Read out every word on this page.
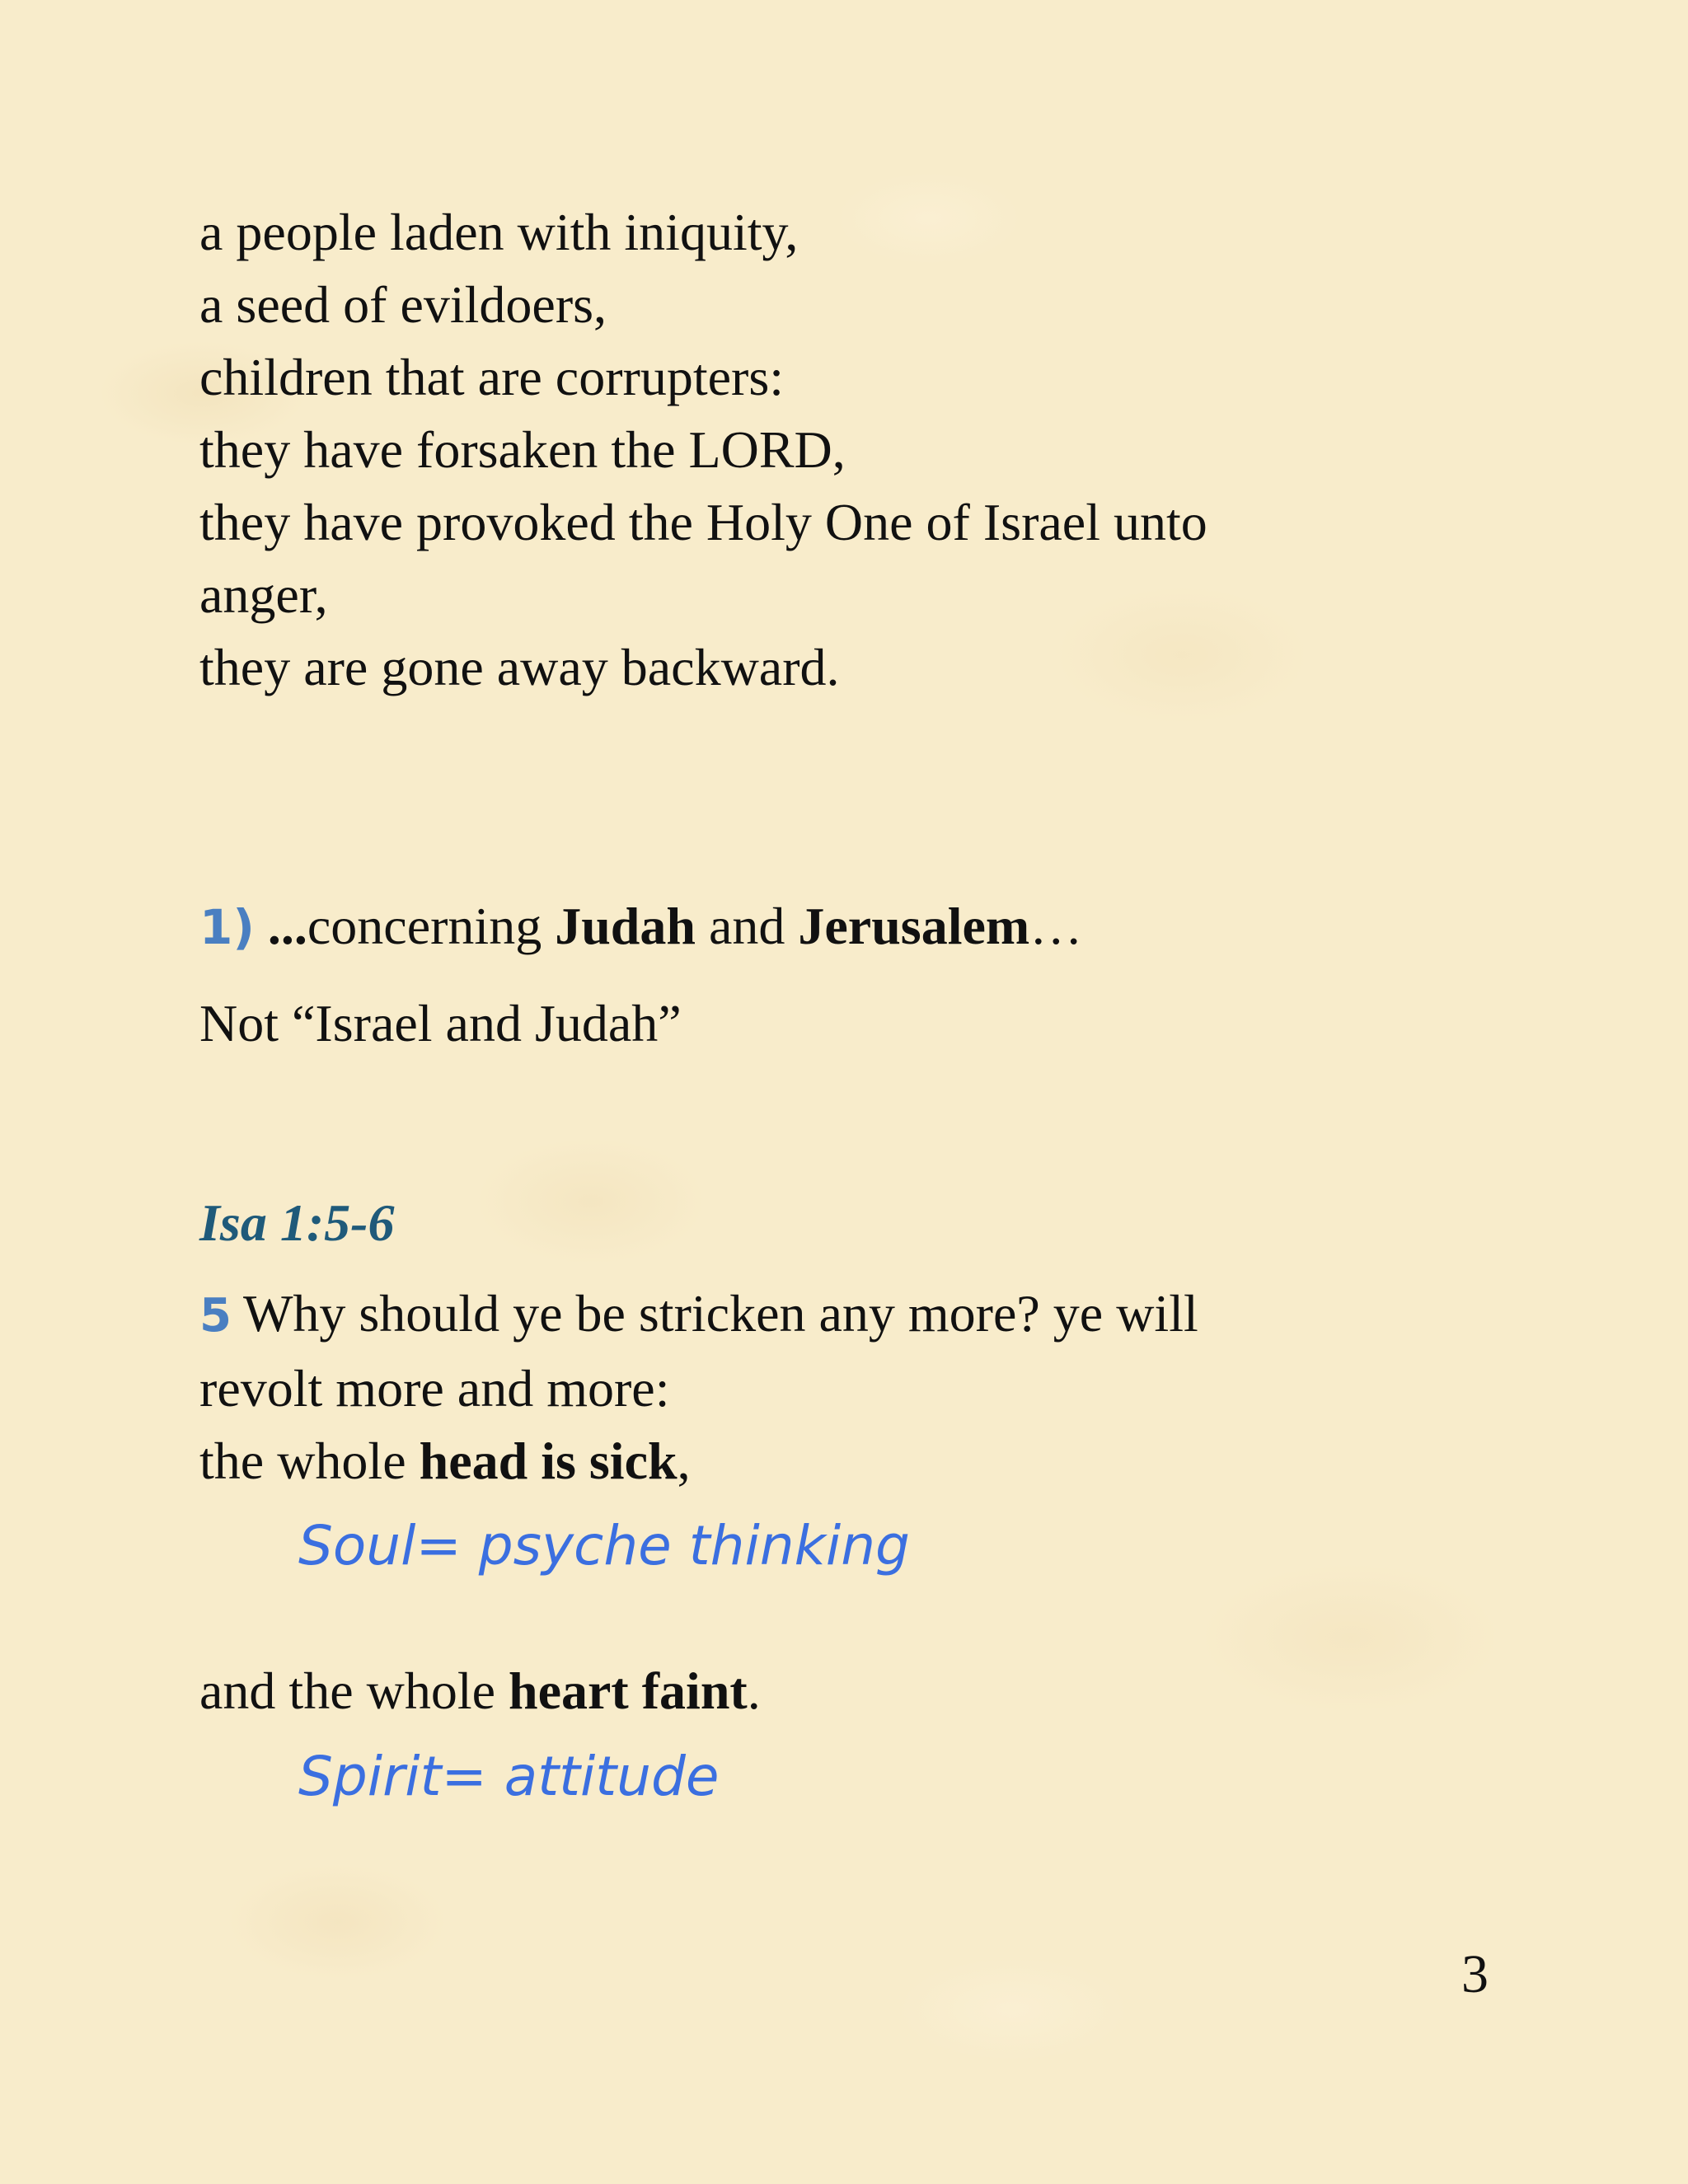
a people laden with iniquity,
a seed of evildoers,
children that are corrupters:
they have forsaken the LORD,
they have provoked the Holy One of Israel unto
anger,
they are gone away backward.
1) ...concerning Judah and Jerusalem…
Not “Israel and Judah”
Isa 1:5-6
5 Why should ye be stricken any more? ye will
revolt more and more:
the whole head is sick,
Soul= psyche thinking
and the whole heart faint.
Spirit= attitude
3
